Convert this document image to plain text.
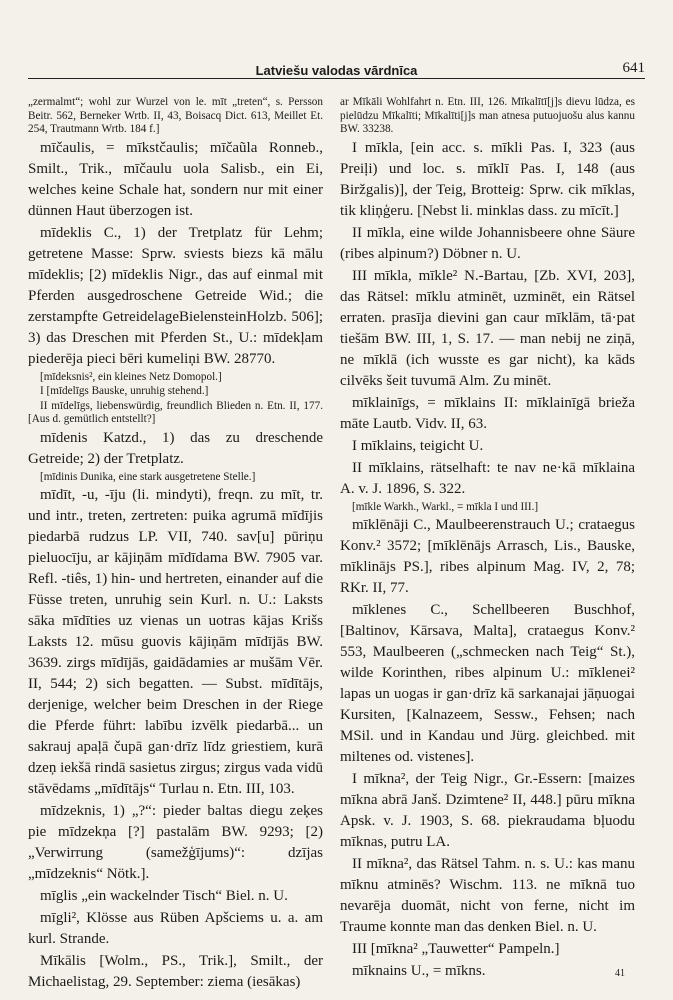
Latviešu valodas vārdnīca	641

„zermalmt“; wohl zur Wurzel von le. mīt „treten“, s. Persson Beitr. 562, Berneker Wrtb. II, 43, Boisacq Dict. 613, Meillet Et. 254, Trautmann Wrtb. 184 f.]

mīčaulis, = mīkstčaulis; mīčaũla Ronneb., Smilt., Trik., mīčaulu uola Salisb., ein Ei, welches keine Schale hat, sondern nur mit einer dünnen Haut überzogen ist.

mīdeklis C., 1) der Tretplatz für Lehm; getretene Masse: Sprw. sviests biezs kā mālu mīdeklis; [2) mīdeklis Nigr., das auf einmal mit Pferden ausgedroschene Getreide Wid.; die zerstampfte GetreidelageBielensteinHolzb. 506]; 3) das Dreschen mit Pferden St., U.: mīdekļam piederēja pieci bēri kumeliņi BW. 28770.

[mīdeksnis², ein kleines Netz Domopol.]

I [mīdelīgs Bauske, unruhig stehend.]

II mīdelīgs, liebenswürdig, freundlich Blieden n. Etn. II, 177. [Aus d. gemütlich entstellt?]

mīdenis Katzd., 1) das zu dreschende Getreide; 2) der Tretplatz.

[mīdinis Dunika, eine stark ausgetretene Stelle.]

mīdīt, -u, -īju (li. mindyti), freqn. zu mīt, tr. und intr., treten, zertreten: puika agrumā mīdījis piedarbā rudzus LP. VII, 740. sav[u] pūriņu pieluocīju, ar kājiņām mīdīdama BW. 7905 var. Refl. -tiês, 1) hin- und hertreten, einander auf die Füsse treten, unruhig sein Kurl. n. U.: Laksts sāka mīdīties uz vienas un uotras kājas Krišs Laksts 12. mūsu guovis kājiņām mīdījās BW. 3639. zirgs mīdījās, gaidādamies ar mušām Vēr. II, 544; 2) sich begatten. — Subst. mīdītājs, derjenige, welcher beim Dreschen in der Riege die Pferde führt: labību izvēlk piedarbā... un sakrauj apaļā čupā gan·drīz līdz griestiem, kurā dzeņ iekšā rindā sasietus zirgus; zirgus vada vidū stāvēdams „mīdītājs“ Turlau n. Etn. III, 103.

mīdzeknis, 1) „?“: pieder baltas diegu zeķes pie mīdzekņa [?] pastalām BW. 9293; [2) „Verwirrung (samežģījums)“: dzījas „mīdzeknis“ Nötk.].

mīglis „ein wackelnder Tisch“ Biel. n. U.

mīgli², Klösse aus Rüben Apšciems u. a. am kurl. Strande.

Mīkālis [Wolm., PS., Trik.], Smilt., der Michaelistag, 29. September: ziema (iesākas)

ar Mīkāli Wohlfahrt n. Etn. III, 126. Mīkalītī[j]s dievu lūdza, es pielūdzu Mīkalīti; Mīkalīti[j]s man atnesa putuojuošu alus kannu BW. 33238.

I mīkla, [ein acc. s. mīkli Pas. I, 323 (aus Preiļi) und loc. s. mīklī Pas. I, 148 (aus Biržgalis)], der Teig, Brotteig: Sprw. cik mīklas, tik kliņģeru. [Nebst li. minklas dass. zu mīcīt.]

II mīkla, eine wilde Johannisbeere ohne Säure (ribes alpinum?) Döbner n. U.

III mīkla, mīkle² N.-Bartau, [Zb. XVI, 203], das Rätsel: mīklu atminēt, uzminēt, ein Rätsel erraten. prasīja dievini gan caur mīklām, tā·pat tiešām BW. III, 1, S. 17. — man nebij ne ziņā, ne mīklā (ich wusste es gar nicht), ka kāds cilvēks šeit tuvumā Alm. Zu minēt.

mīklainīgs, = mīklains II: mīklainīgā brieža māte Lautb. Vidv. II, 63.

I mīklains, teigicht U.

II mīklains, rätselhaft: te nav ne·kā mīklaina A. v. J. 1896, S. 322.

[mīkle Warkh., Warkl., = mīkla I und III.]

mīklēnāji C., Maulbeerenstrauch U.; crataegus Konv.² 3572; [mīklēnājs Arrasch, Lis., Bauske, mīklinājs PS.], ribes alpinum Mag. IV, 2, 78; RKr. II, 77.

mīklenes C., Schellbeeren Buschhof, [Baltinov, Kārsava, Malta], crataegus Konv.² 553, Maulbeeren („schmecken nach Teig“ St.), wilde Korinthen, ribes alpinum U.: mīklenei² lapas un uogas ir gan·drīz kā sarkanajai jāņuogai Kursiten, [Kalnazeem, Sessw., Fehsen; nach MSil. und in Kandau und Jürg. gleichbed. mit miltenes od. vistenes].

I mīkna², der Teig Nigr., Gr.-Essern: [maizes mīkna abrā Janš. Dzimtene² II, 448.] pūru mīkna Apsk. v. J. 1903, S. 68. piekraudama bļuodu mīknas, putru LA.

II mīkna², das Rätsel Tahm. n. s. U.: kas manu mīknu atminēs? Wischm. 113. ne mīknā tuo nevarēja duomāt, nicht von ferne, nicht im Traume konnte man das denken Biel. n. U.

III [mīkna² „Tauwetter“ Pampeln.]

mīknains U., = mīkns.	41
